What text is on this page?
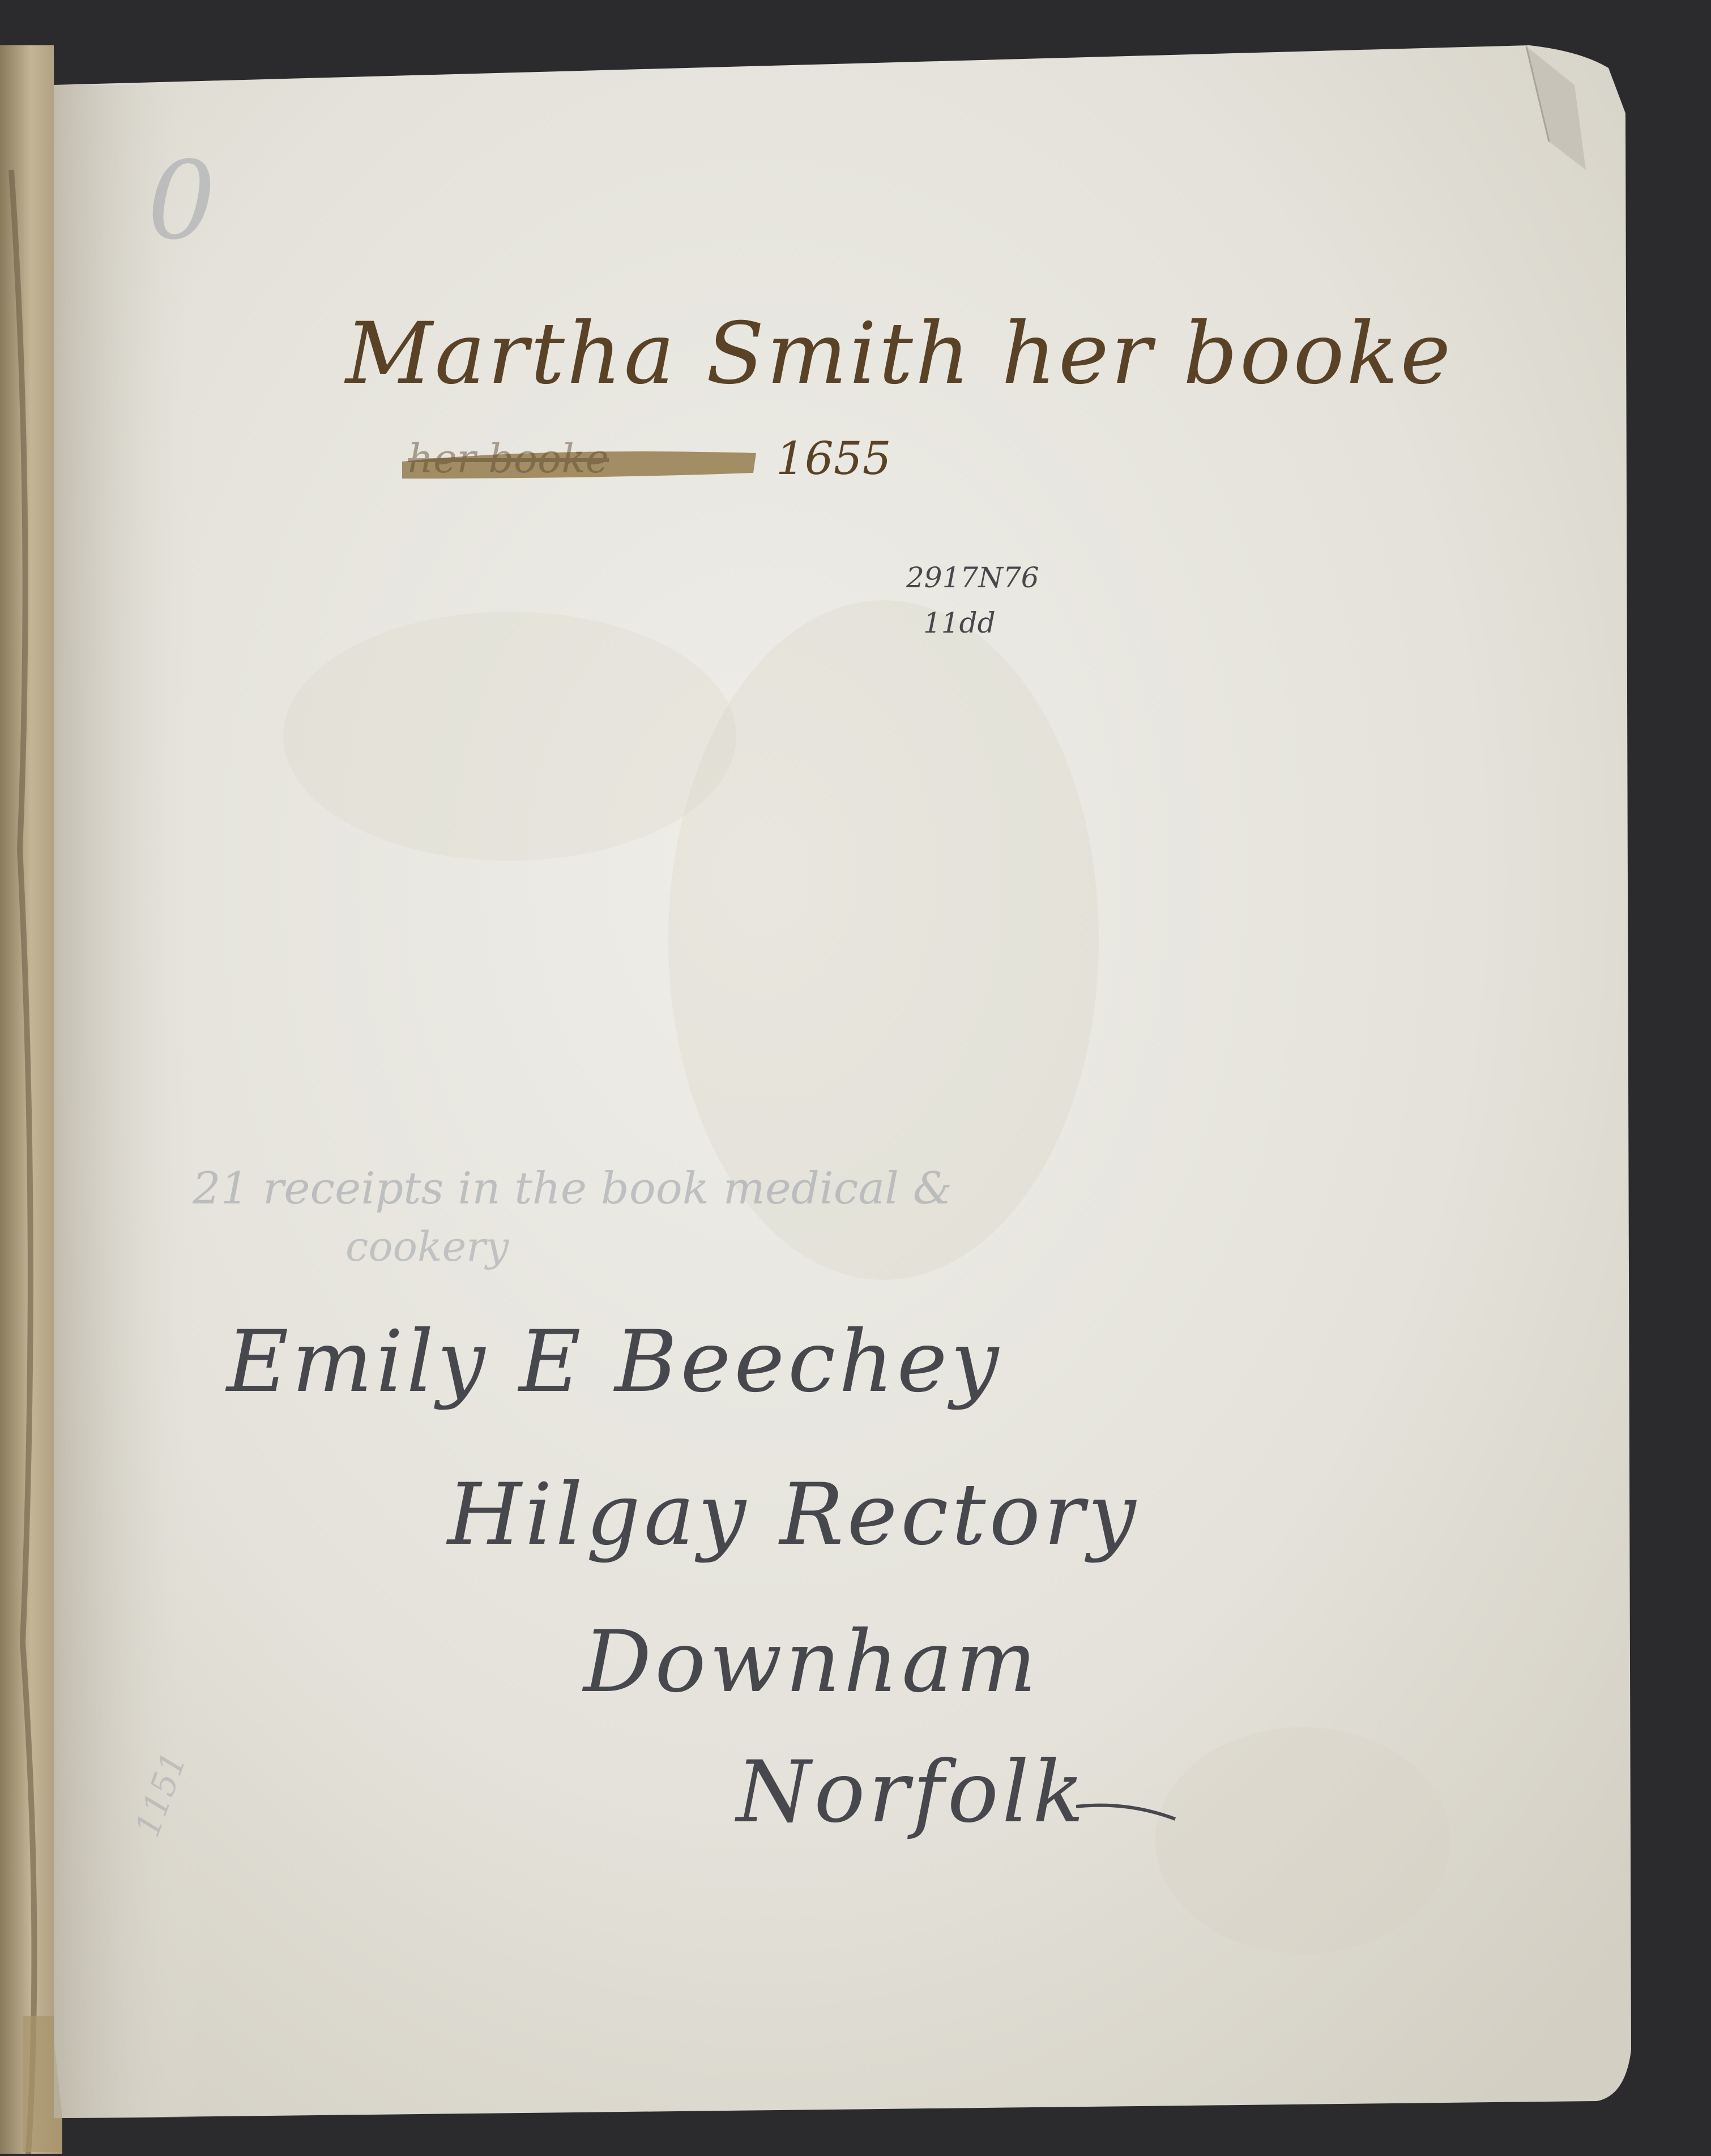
Martha Smith her booke
her booke	1655
2917N76
11dd
21 receipts in the book medical &
cookery
Emily E Beechey
Hilgay Rectory
Downham
Norfolk
0
1151
